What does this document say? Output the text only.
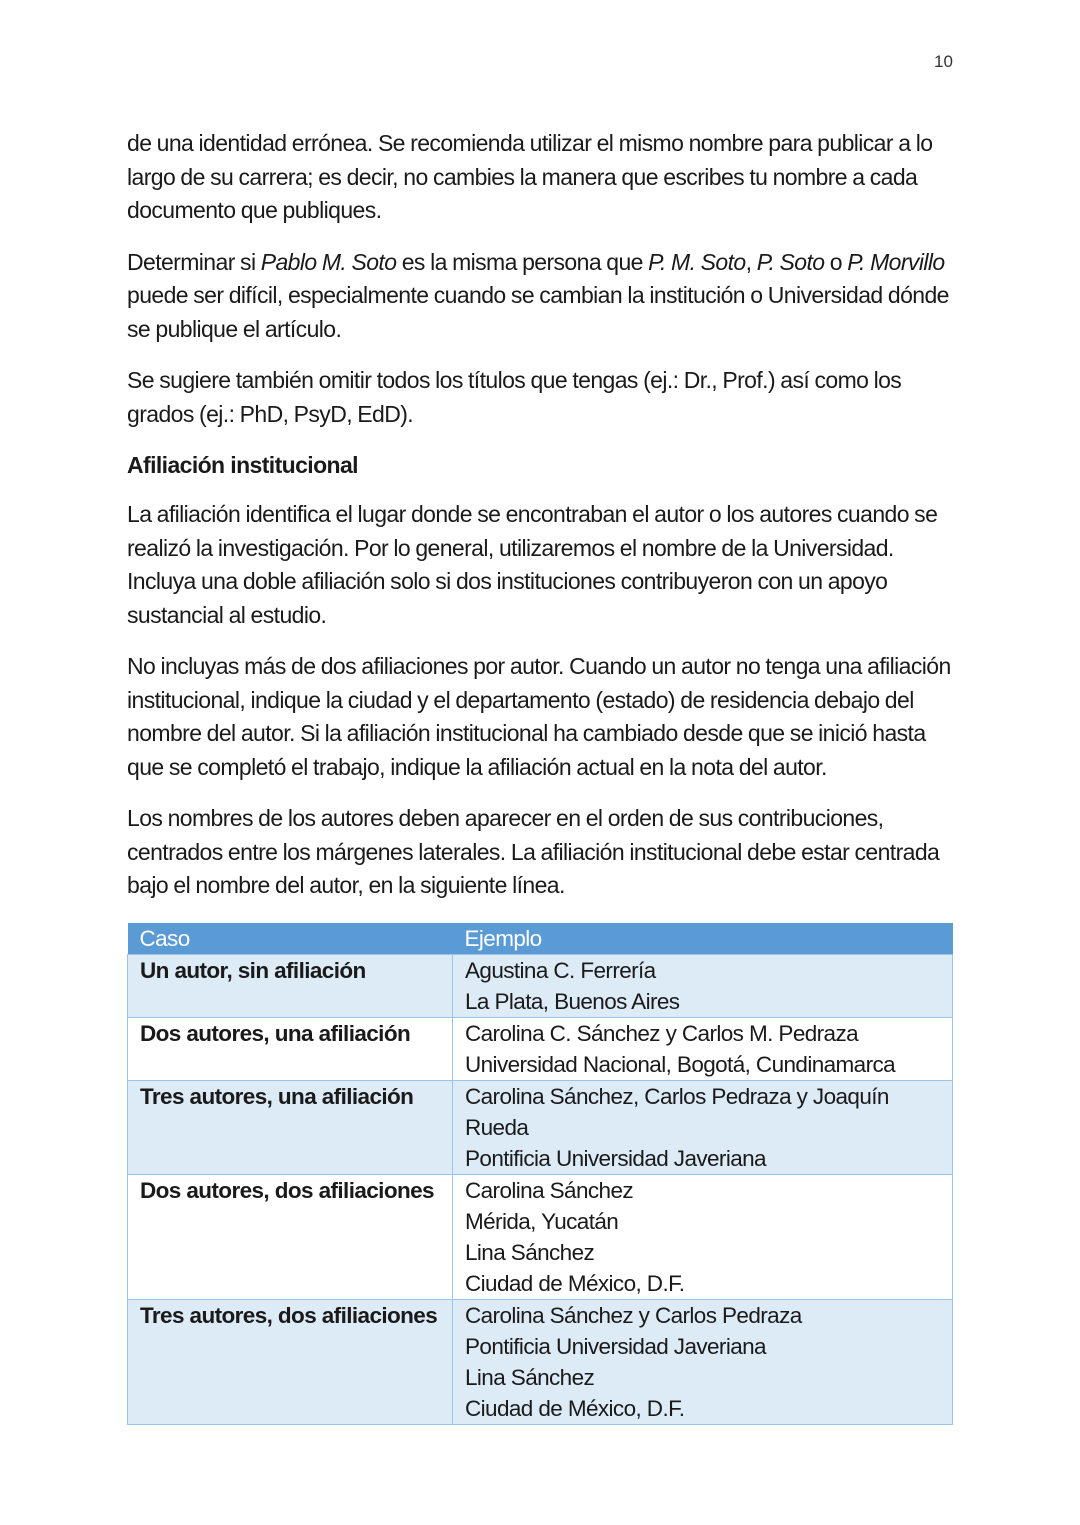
10

de una identidad errónea. Se recomienda utilizar el mismo nombre para publicar a lo largo de su carrera; es decir, no cambies la manera que escribes tu nombre a cada documento que publiques.

Determinar si Pablo M. Soto es la misma persona que P. M. Soto, P. Soto o P. Morvillo puede ser difícil, especialmente cuando se cambian la institución o Universidad dónde se publique el artículo.

Se sugiere también omitir todos los títulos que tengas (ej.: Dr., Prof.) así como los grados (ej.: PhD, PsyD, EdD).

Afiliación institucional

La afiliación identifica el lugar donde se encontraban el autor o los autores cuando se realizó la investigación. Por lo general, utilizaremos el nombre de la Universidad. Incluya una doble afiliación solo si dos instituciones contribuyeron con un apoyo sustancial al estudio.

No incluyas más de dos afiliaciones por autor. Cuando un autor no tenga una afiliación institucional, indique la ciudad y el departamento (estado) de residencia debajo del nombre del autor. Si la afiliación institucional ha cambiado desde que se inició hasta que se completó el trabajo, indique la afiliación actual en la nota del autor.

Los nombres de los autores deben aparecer en el orden de sus contribuciones, centrados entre los márgenes laterales. La afiliación institucional debe estar centrada bajo el nombre del autor, en la siguiente línea.

Caso	Ejemplo
Un autor, sin afiliación	Agustina C. Ferrería
La Plata, Buenos Aires

Dos autores, una afiliación	Carolina C. Sánchez y Carlos M. Pedraza
Universidad Nacional, Bogotá, Cundinamarca

Tres autores, una afiliación	Carolina Sánchez, Carlos Pedraza y Joaquín Rueda
Pontificia Universidad Javeriana

Dos autores, dos afiliaciones	Carolina Sánchez
Mérida, Yucatán
Lina Sánchez
Ciudad de México, D.F.

Tres autores, dos afiliaciones	Carolina Sánchez y Carlos Pedraza
Pontificia Universidad Javeriana
Lina Sánchez
Ciudad de México, D.F.
